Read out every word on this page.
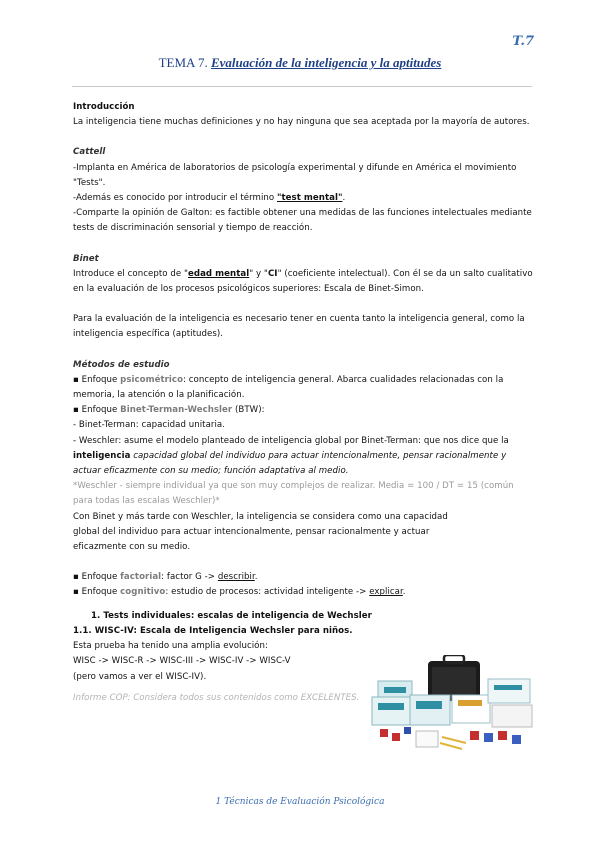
T.7
TEMA 7. Evaluación de la inteligencia y la aptitudes

Introducción

La inteligencia tiene muchas definiciones y no hay ninguna que sea aceptada por la mayoría de autores.

Cattell

-Implanta en América de laboratorios de psicología experimental y difunde en América el movimiento "Tests".

-Además es conocido por introducir el término "test mental".

-Comparte la opinión de Galton: es factible obtener una medidas de las funciones intelectuales mediante tests de discriminación sensorial y tiempo de reacción.

Binet

Introduce el concepto de "edad mental" y "CI" (coeficiente intelectual). Con él se da un salto cualitativo en la evaluación de los procesos psicológicos superiores: Escala de Binet-Simon.

Para la evaluación de la inteligencia es necesario tener en cuenta tanto la inteligencia general, como la inteligencia específica (aptitudes).

Métodos de estudio

▪ Enfoque psicométrico: concepto de inteligencia general. Abarca cualidades relacionadas con la memoria, la atención o la planificación.

▪ Enfoque Binet-Terman-Wechsler (BTW):

- Binet-Terman: capacidad unitaria.

- Weschler: asume el modelo planteado de inteligencia global por Binet-Terman: que nos dice que la inteligencia capacidad global del individuo para actuar intencionalmente, pensar racionalmente y actuar eficazmente con su medio; función adaptativa al medio.

*Weschler - siempre individual ya que son muy complejos de realizar. Media = 100 / DT = 15 (común para todas las escalas Weschler)*

Con Binet y más tarde con Weschler, la inteligencia se considera como una capacidad global del individuo para actuar intencionalmente, pensar racionalmente y actuar eficazmente con su medio.

▪ Enfoque factorial: factor G -> describir.

▪ Enfoque cognitivo: estudio de procesos: actividad inteligente -> explicar.

1. Tests individuales: escalas de inteligencia de Wechsler

1.1. WISC-IV: Escala de Inteligencia Wechsler para niños.

Esta prueba ha tenido una amplia evolución:

WISC -> WISC-R -> WISC-III -> WISC-IV -> WISC-V

(pero vamos a ver el WISC-IV).

Informe COP: Considera todos sus contenidos como EXCELENTES.

1 Técnicas de Evaluación Psicológica
